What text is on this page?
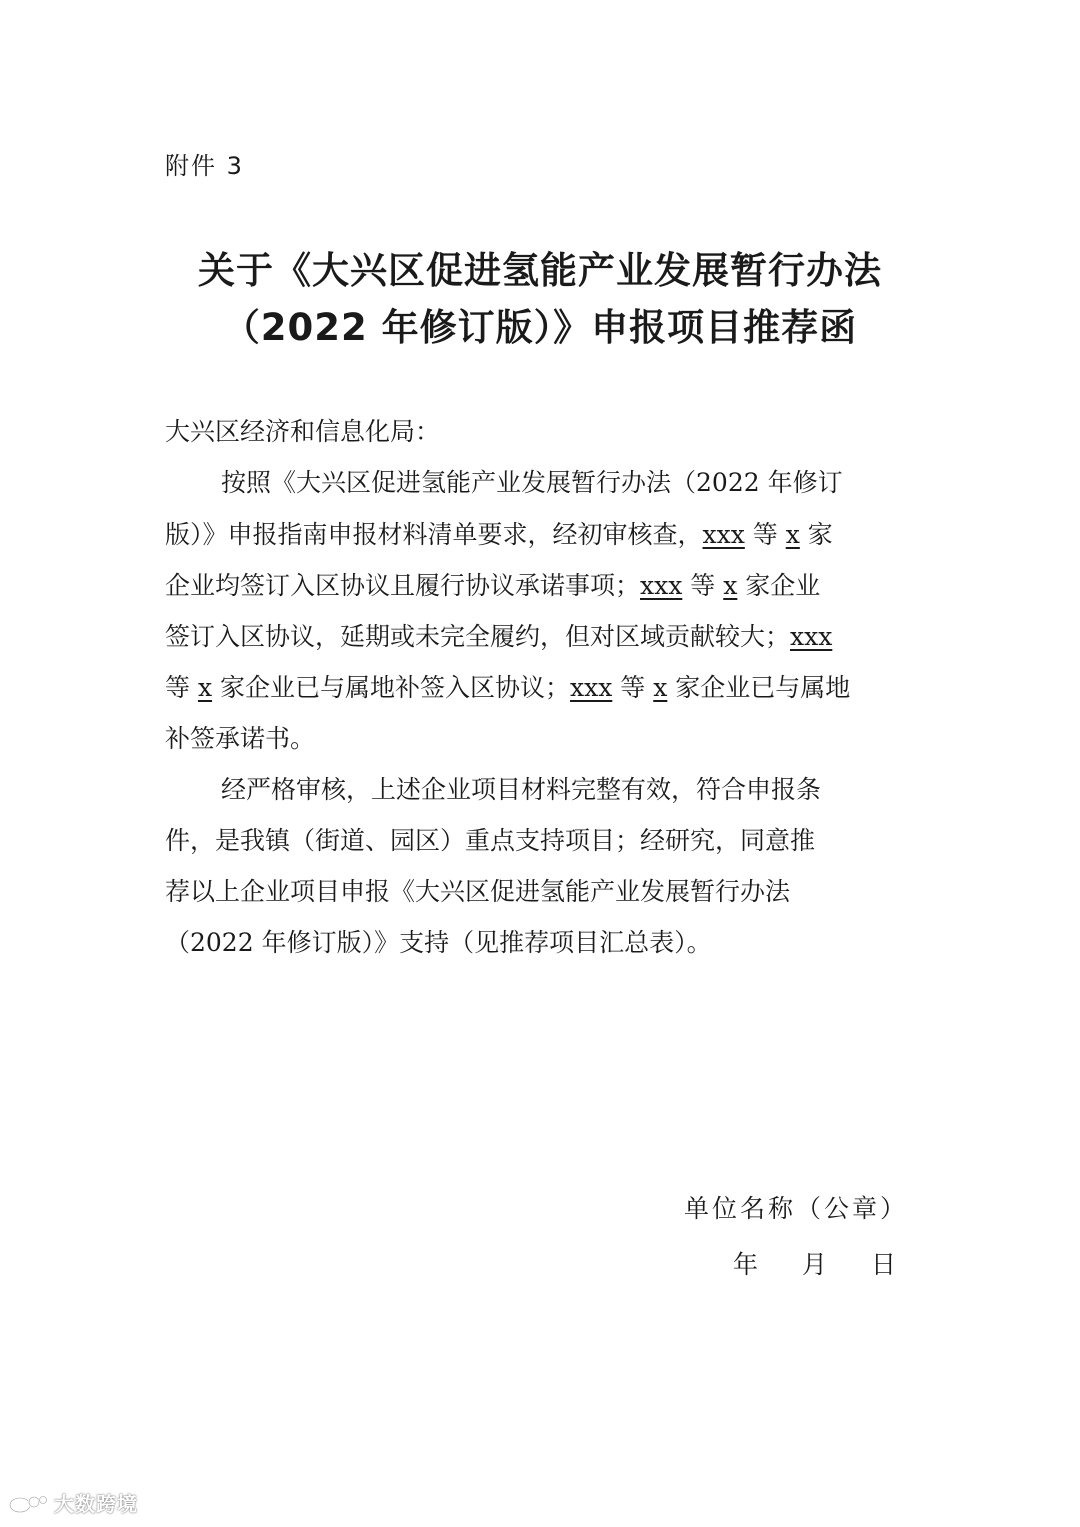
附件 3
关于《大兴区促进氢能产业发展暂行办法
（2022 年修订版）》申报项目推荐函
大兴区经济和信息化局：
按照《大兴区促进氢能产业发展暂行办法（2022 年修订
版）》申报指南申报材料清单要求，经初审核查，xxx 等 x 家
企业均签订入区协议且履行协议承诺事项；xxx 等 x 家企业
签订入区协议，延期或未完全履约，但对区域贡献较大；xxx
等 x 家企业已与属地补签入区协议；xxx 等 x 家企业已与属地
补签承诺书。
经严格审核，上述企业项目材料完整有效，符合申报条
件，是我镇（街道、园区）重点支持项目；经研究，同意推
荐以上企业项目申报《大兴区促进氢能产业发展暂行办法
（2022 年修订版）》支持（见推荐项目汇总表）。
单位名称（公章）
年 月 日
大数跨境
